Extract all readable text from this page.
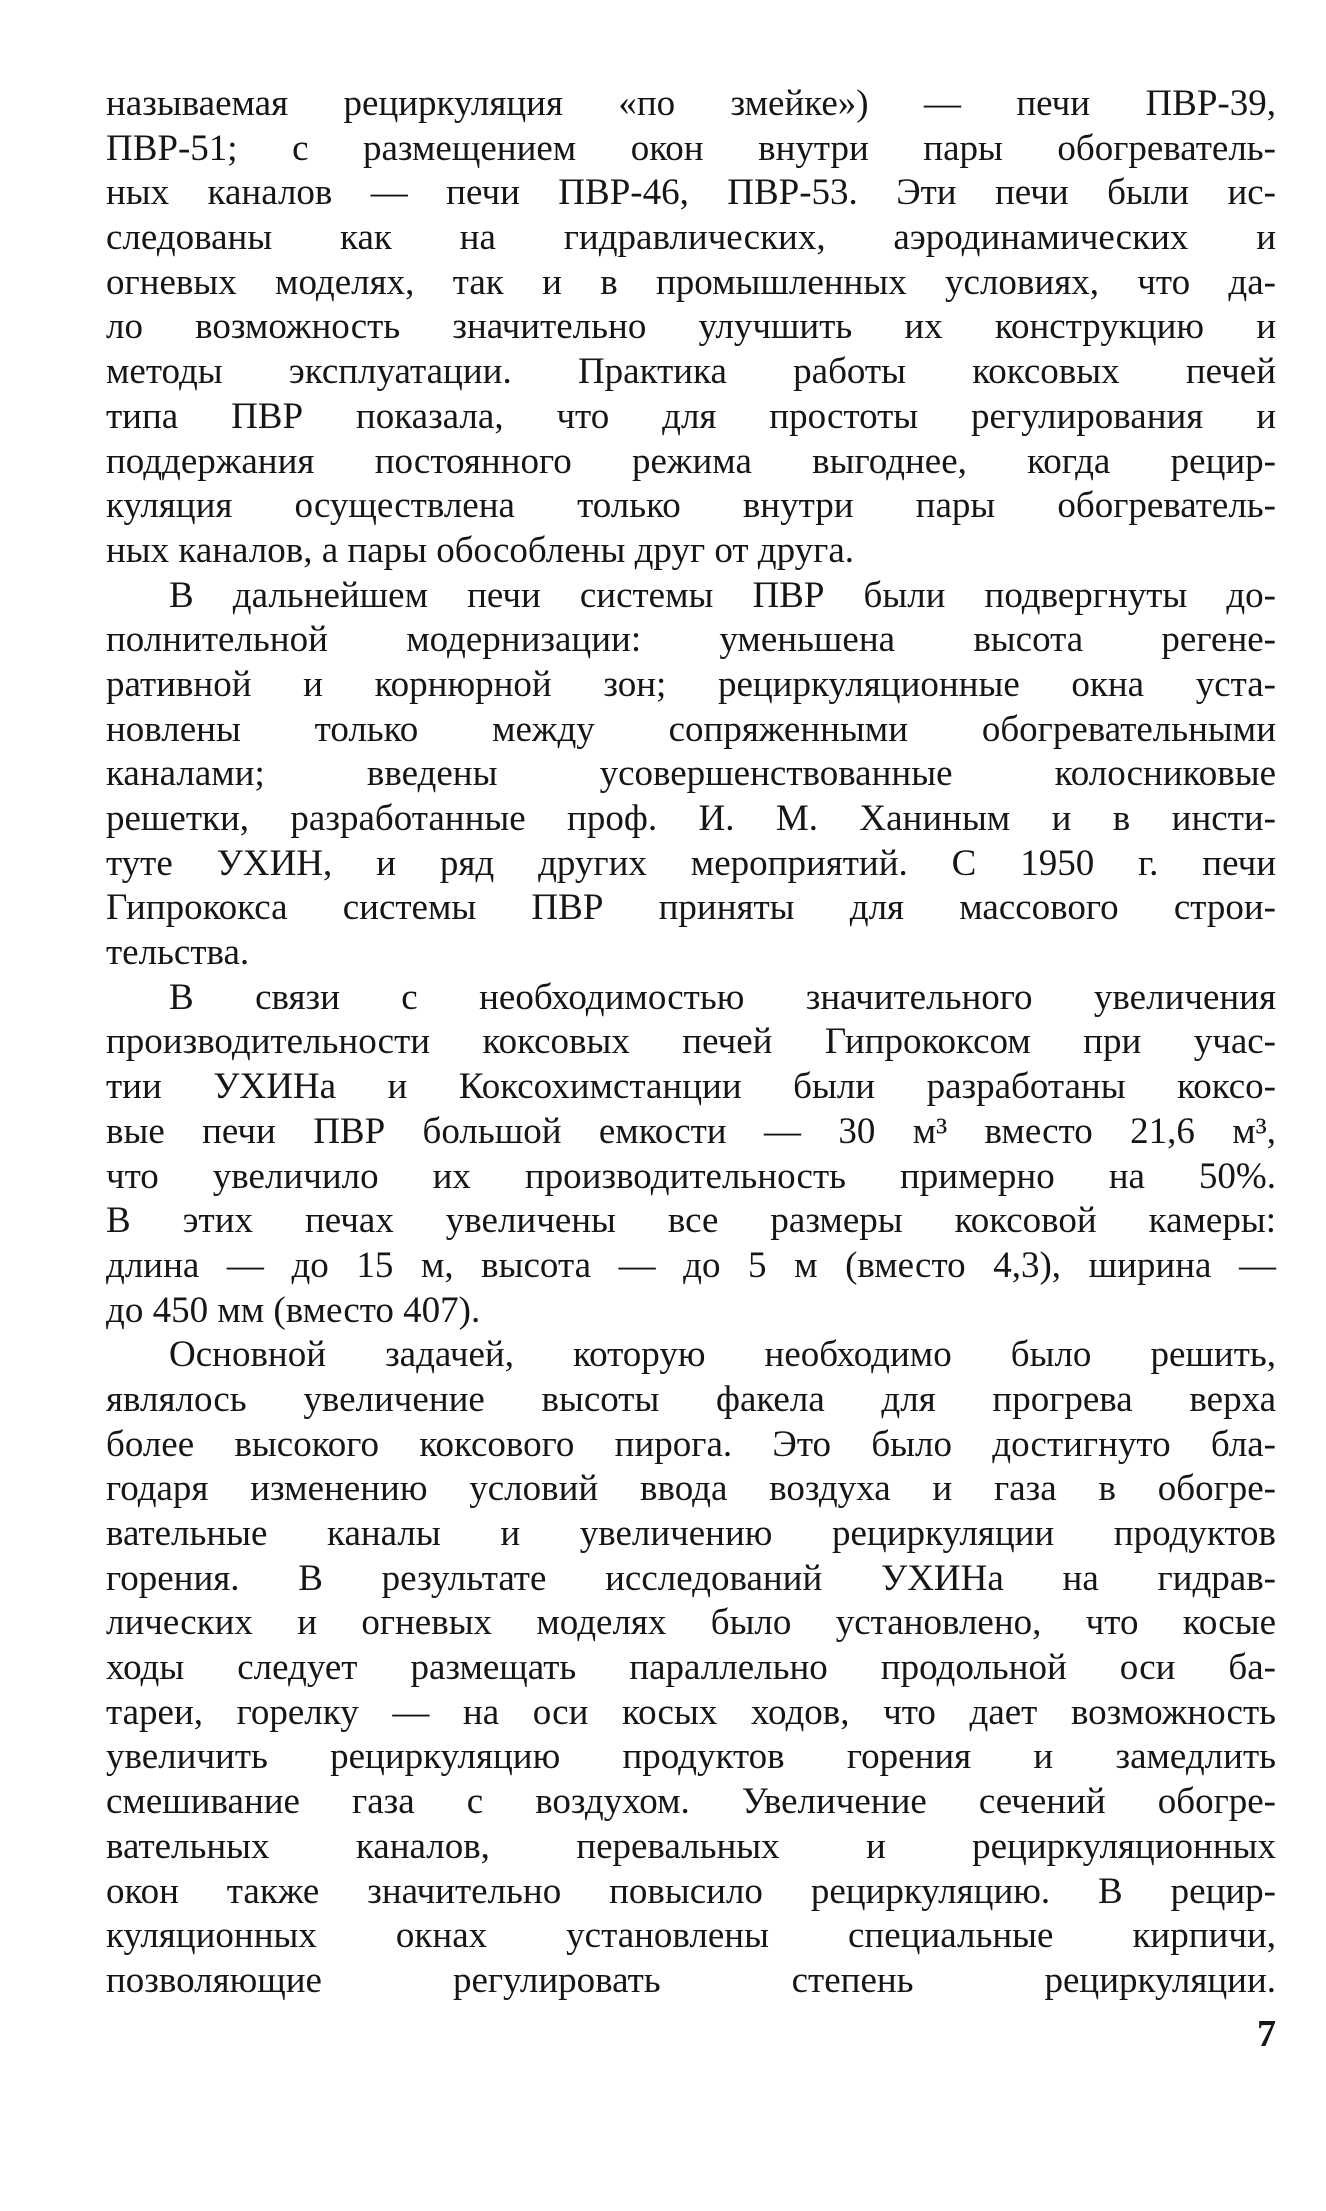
называемая рециркуляция «по змейке») — печи ПВР-39,
ПВР-51; с размещением окон внутри пары обогреватель-
ных каналов — печи ПВР-46, ПВР-53. Эти печи были ис-
следованы как на гидравлических, аэродинамических и
огневых моделях, так и в промышленных условиях, что да-
ло возможность значительно улучшить их конструкцию и
методы эксплуатации. Практика работы коксовых печей
типа ПВР показала, что для простоты регулирования и
поддержания постоянного режима выгоднее, когда рецир-
куляция осуществлена только внутри пары обогреватель-
ных каналов, а пары обособлены друг от друга.
В дальнейшем печи системы ПВР были подвергнуты до-
полнительной модернизации: уменьшена высота регене-
ративной и корнюрной зон; рециркуляционные окна уста-
новлены только между сопряженными обогревательными
каналами; введены усовершенствованные колосниковые
решетки, разработанные проф. И. М. Ханиным и в инсти-
туте УХИН, и ряд других мероприятий. С 1950 г. печи
Гипрококса системы ПВР приняты для массового строи-
тельства.
В связи с необходимостью значительного увеличения
производительности коксовых печей Гипрококсом при учас-
тии УХИНа и Коксохимстанции были разработаны коксо-
вые печи ПВР большой емкости — 30 м³ вместо 21,6 м³,
что увеличило их производительность примерно на 50%.
В этих печах увеличены все размеры коксовой камеры:
длина — до 15 м, высота — до 5 м (вместо 4,3), ширина —
до 450 мм (вместо 407).
Основной задачей, которую необходимо было решить,
являлось увеличение высоты факела для прогрева верха
более высокого коксового пирога. Это было достигнуто бла-
годаря изменению условий ввода воздуха и газа в обогре-
вательные каналы и увеличению рециркуляции продуктов
горения. В результате исследований УХИНа на гидрав-
лических и огневых моделях было установлено, что косые
ходы следует размещать параллельно продольной оси ба-
тареи, горелку — на оси косых ходов, что дает возможность
увеличить рециркуляцию продуктов горения и замедлить
смешивание газа с воздухом. Увеличение сечений обогре-
вательных каналов, перевальных и рециркуляционных
окон также значительно повысило рециркуляцию. В рецир-
куляционных окнах установлены специальные кирпичи,
позволяющие регулировать степень рециркуляции.
7
